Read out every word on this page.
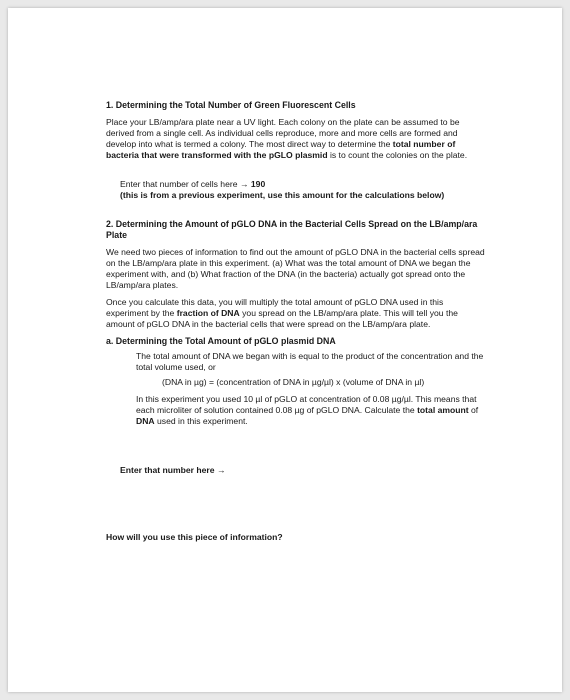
1. Determining the Total Number of Green Fluorescent Cells

Place your LB/amp/ara plate near a UV light. Each colony on the plate can be assumed to be derived from a single cell. As individual cells reproduce, more and more cells are formed and develop into what is termed a colony. The most direct way to determine the total number of bacteria that were transformed with the pGLO plasmid is to count the colonies on the plate.

Enter that number of cells here → 190

(this is from a previous experiment, use this amount for the calculations below)

2. Determining the Amount of pGLO DNA in the Bacterial Cells Spread on the LB/amp/ara Plate

We need two pieces of information to find out the amount of pGLO DNA in the bacterial cells spread on the LB/amp/ara plate in this experiment. (a) What was the total amount of DNA we began the experiment with, and (b) What fraction of the DNA (in the bacteria) actually got spread onto the LB/amp/ara plates.

Once you calculate this data, you will multiply the total amount of pGLO DNA used in this experiment by the fraction of DNA you spread on the LB/amp/ara plate. This will tell you the amount of pGLO DNA in the bacterial cells that were spread on the LB/amp/ara plate.

a. Determining the Total Amount of pGLO plasmid DNA

The total amount of DNA we began with is equal to the product of the concentration and the total volume used, or

(DNA in µg) = (concentration of DNA in µg/µl) x (volume of DNA in µl)

In this experiment you used 10 µl of pGLO at concentration of 0.08 µg/µl. This means that each microliter of solution contained 0.08 µg of pGLO DNA. Calculate the total amount of DNA used in this experiment.

Enter that number here →

How will you use this piece of information?
